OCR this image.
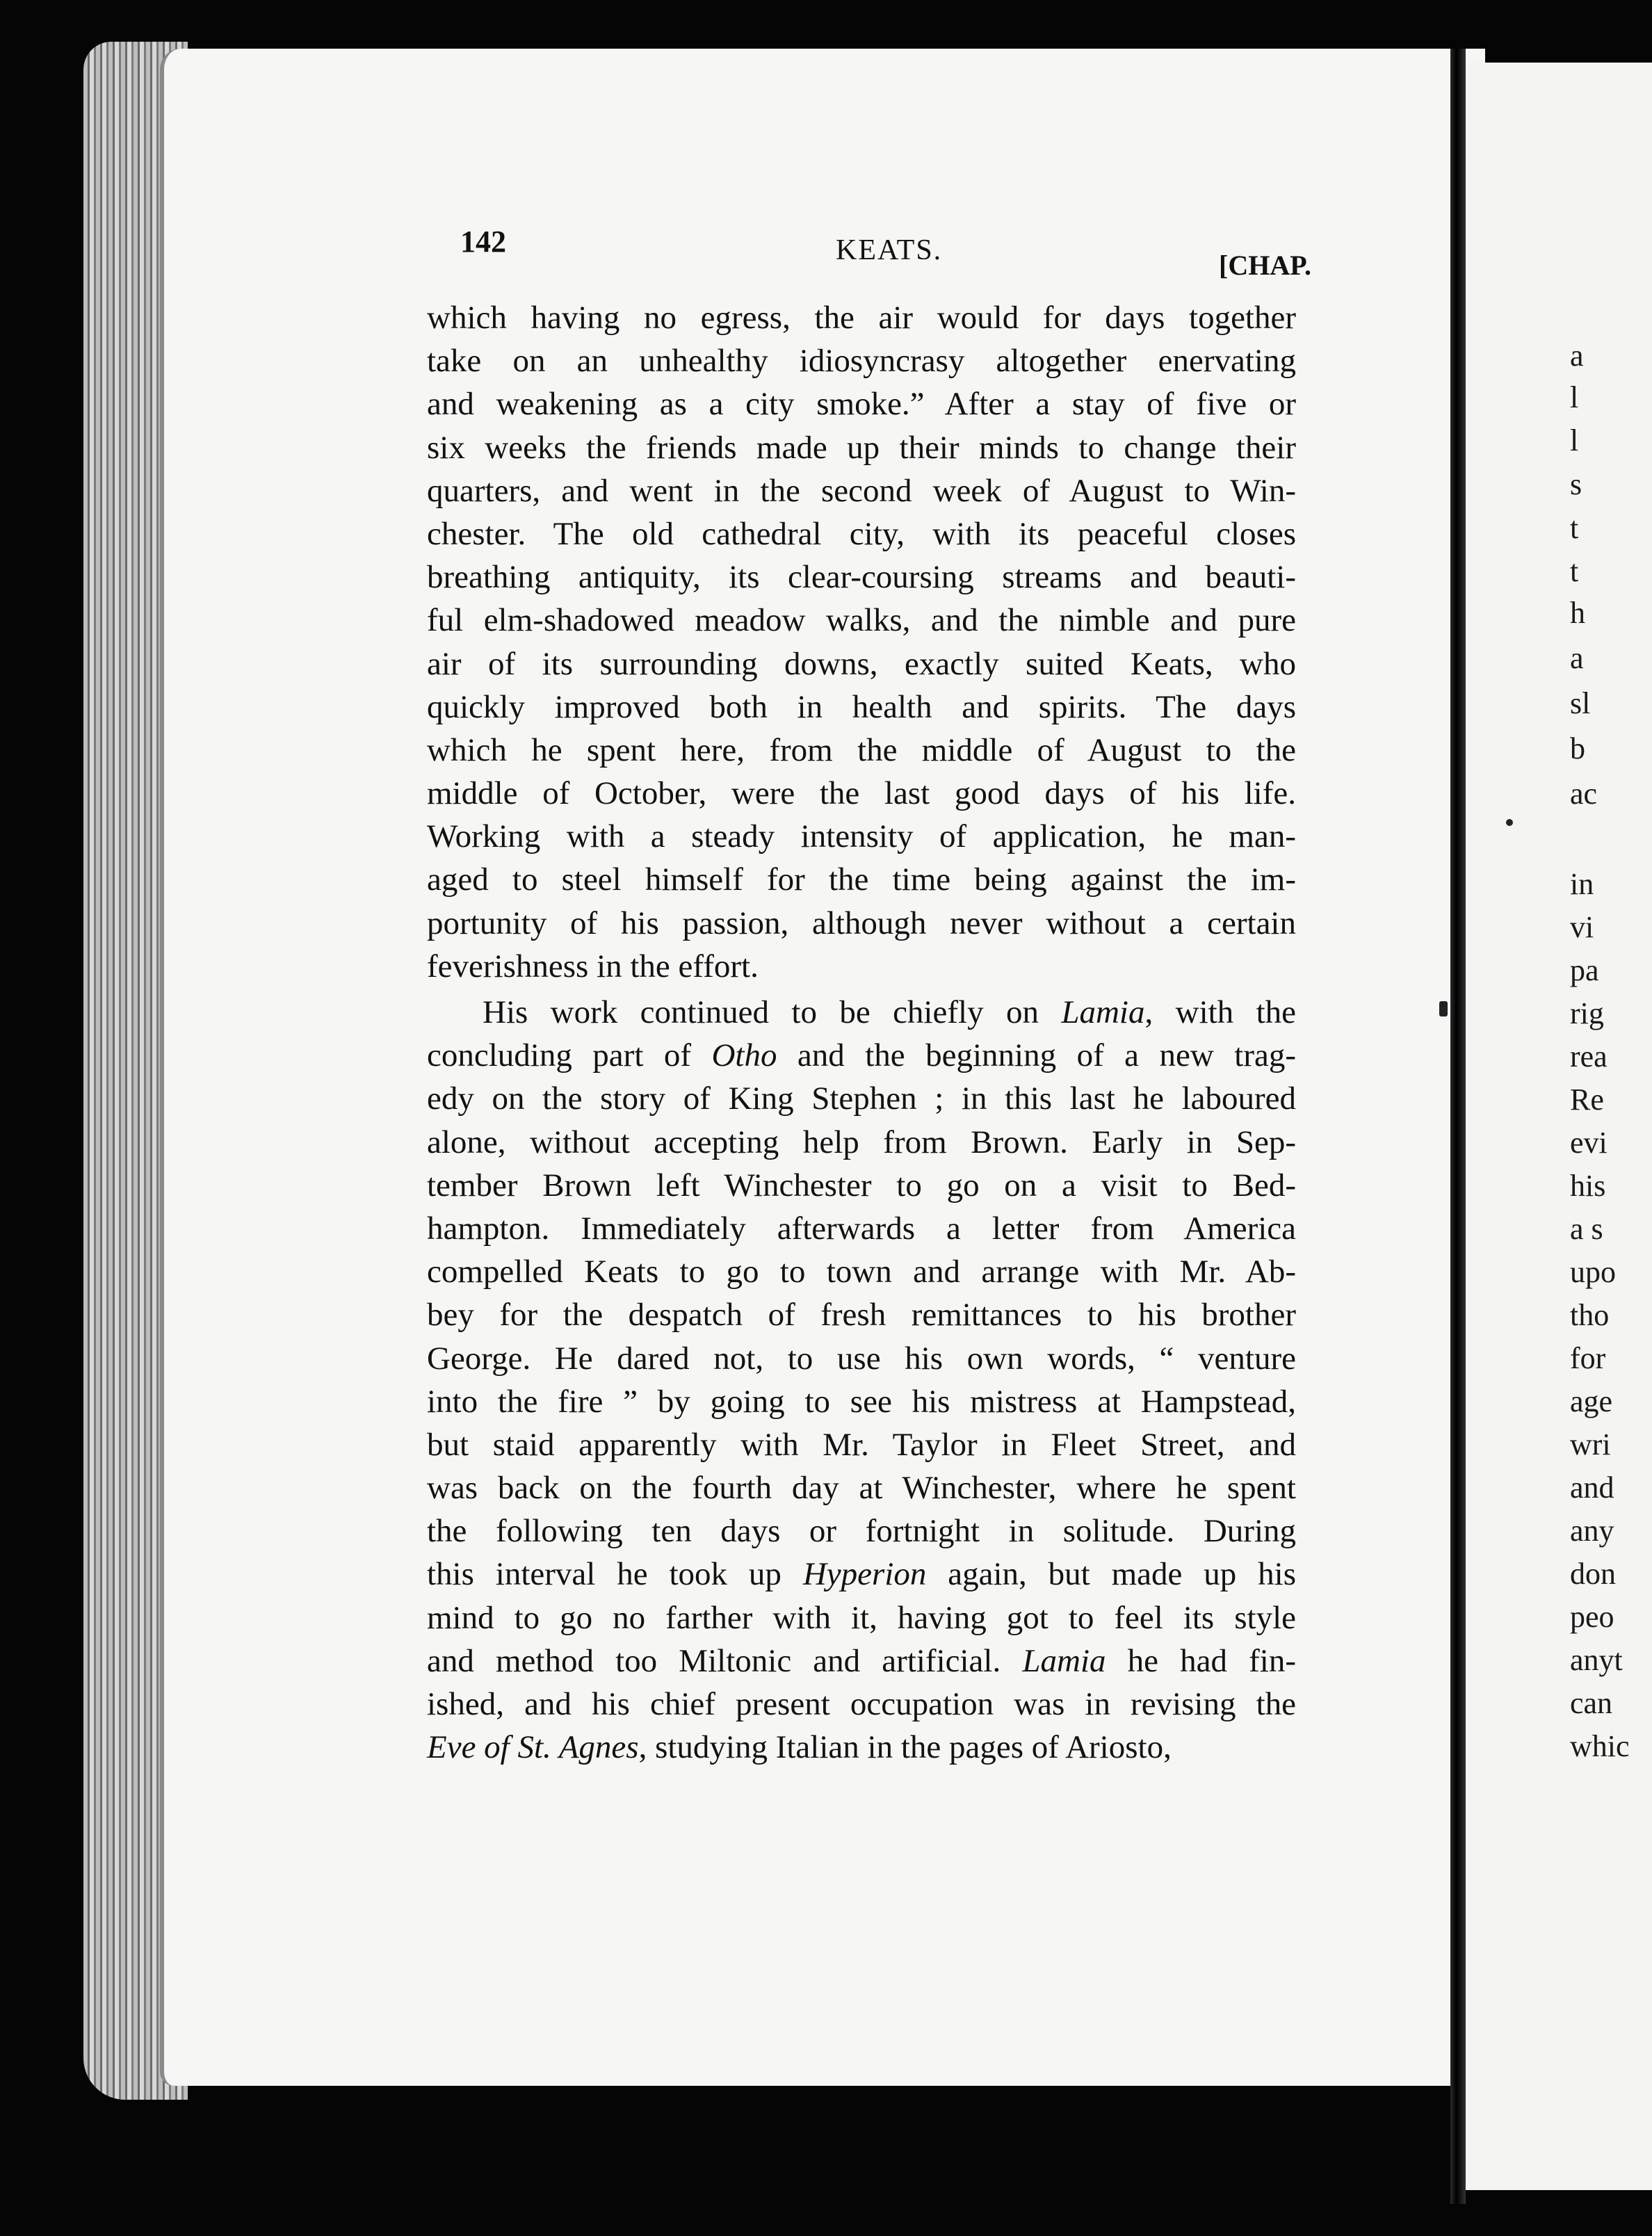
142	KEATS.	[CHAP.
which having no egress, the air would for days together
take on an unhealthy idiosyncrasy altogether enervating
and weakening as a city smoke.” After a stay of five or
six weeks the friends made up their minds to change their
quarters, and went in the second week of August to Win-
chester. The old cathedral city, with its peaceful closes
breathing antiquity, its clear-coursing streams and beauti-
ful elm-shadowed meadow walks, and the nimble and pure
air of its surrounding downs, exactly suited Keats, who
quickly improved both in health and spirits. The days
which he spent here, from the middle of August to the
middle of October, were the last good days of his life.
Working with a steady intensity of application, he man-
aged to steel himself for the time being against the im-
portunity of his passion, although never without a certain
feverishness in the effort.
His work continued to be chiefly on Lamia, with the
concluding part of Otho and the beginning of a new trag-
edy on the story of King Stephen ; in this last he laboured
alone, without accepting help from Brown. Early in Sep-
tember Brown left Winchester to go on a visit to Bed-
hampton. Immediately afterwards a letter from America
compelled Keats to go to town and arrange with Mr. Ab-
bey for the despatch of fresh remittances to his brother
George. He dared not, to use his own words, “ venture
into the fire ” by going to see his mistress at Hampstead,
but staid apparently with Mr. Taylor in Fleet Street, and
was back on the fourth day at Winchester, where he spent
the following ten days or fortnight in solitude. During
this interval he took up Hyperion again, but made up his
mind to go no farther with it, having got to feel its style
and method too Miltonic and artificial. Lamia he had fin-
ished, and his chief present occupation was in revising the
Eve of St. Agnes, studying Italian in the pages of Ariosto,
a
l
l
s
t
t
h
a
sl
b
ac
in
vi
pa
rig
rea
Re
evi
his
a s
upo
tho
for
age
wri
and
any
don
peo
anyt
can
whic
